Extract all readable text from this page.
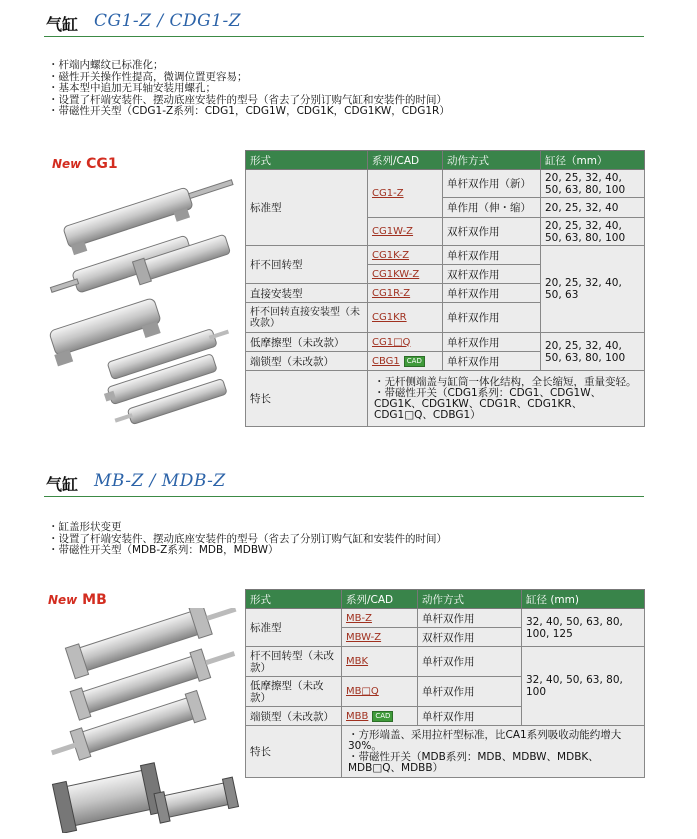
气缸 CG1-Z / CDG1-Z
・杆端内螺纹已标准化；
・磁性开关操作性提高，微调位置更容易；
・基本型中追加无耳轴安装用螺孔；
・设置了杆端安装件、摆动底座安装件的型号（省去了分别订购气缸和安装件的时间）
・带磁性开关型（CDG1-Z系列：CDG1，CDG1W，CDG1K，CDG1KW，CDG1R）
New CG1	形式	系列/CAD	动作方式	缸径（mm）
标准型	CG1-Z	单杆双作用（新）	20, 25, 32, 40, 50, 63, 80, 100
		单作用（伸・缩）	20, 25, 32, 40
	CG1W-Z	双杆双作用	20, 25, 32, 40, 50, 63, 80, 100
杆不回转型	CG1K-Z	单杆双作用	20, 25, 32, 40, 50, 63
	CG1KW-Z	双杆双作用	
直接安装型	CG1R-Z	单杆双作用	
杆不回转直接安装型（未改款）	CG1KR	单杆双作用	
低摩擦型（未改款）	CG1□Q	单杆双作用	20, 25, 32, 40, 50, 63, 80, 100
端锁型（未改款）	CBG1 CAD	单杆双作用	
特长	・无杆侧端盖与缸筒一体化结构，全长缩短，重量变轻。
・带磁性开关（CDG1系列：CDG1、CDG1W、CDG1K、CDG1KW、CDG1R、CDG1KR、CDG1□Q、CDBG1）		
气缸 MB-Z / MDB-Z
・缸盖形状变更
・设置了杆端安装件、摆动底座安装件的型号（省去了分别订购气缸和安装件的时间）
・带磁性开关型（MDB-Z系列：MDB，MDBW）
New MB	形式	系列/CAD	动作方式	缸径 (mm)
标准型	MB-Z	单杆双作用	32, 40, 50, 63, 80, 100, 125
	MBW-Z	双杆双作用	
杆不回转型（未改款）	MBK	单杆双作用	32, 40, 50, 63, 80, 100
低摩擦型（未改款）	MB□Q	单杆双作用	
端锁型（未改款）	MBB CAD	单杆双作用	
特长	・方形端盖、采用拉杆型标准，比CA1系列吸收动能约增大30%。
・带磁性开关（MDB系列：MDB、MDBW、MDBK、MDB□Q、MDBB）		
